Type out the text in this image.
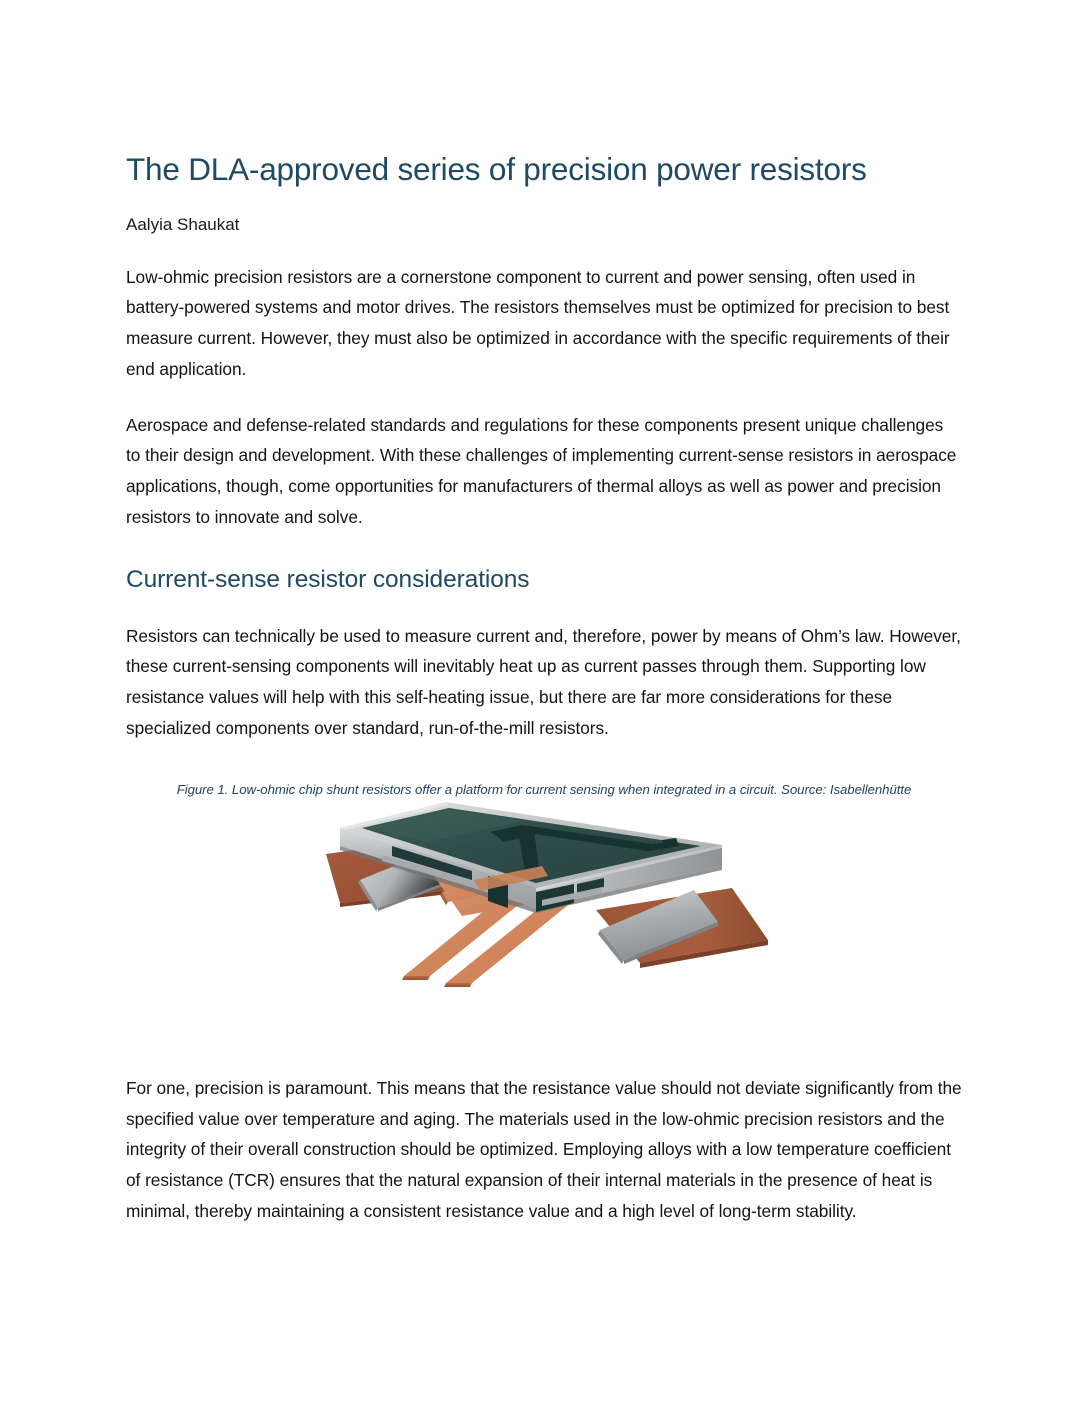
The DLA-approved series of precision power resistors
Aalyia Shaukat

Low-ohmic precision resistors are a cornerstone component to current and power sensing, often used in battery-powered systems and motor drives. The resistors themselves must be optimized for precision to best measure current. However, they must also be optimized in accordance with the specific requirements of their end application.

Aerospace and defense-related standards and regulations for these components present unique challenges to their design and development. With these challenges of implementing current-sense resistors in aerospace applications, though, come opportunities for manufacturers of thermal alloys as well as power and precision resistors to innovate and solve.

Current-sense resistor considerations

Resistors can technically be used to measure current and, therefore, power by means of Ohm’s law. However, these current-sensing components will inevitably heat up as current passes through them. Supporting low resistance values will help with this self-heating issue, but there are far more considerations for these specialized components over standard, run-of-the-mill resistors.

Figure 1. Low-ohmic chip shunt resistors offer a platform for current sensing when integrated in a circuit. Source: Isabellenhütte

For one, precision is paramount. This means that the resistance value should not deviate significantly from the specified value over temperature and aging. The materials used in the low-ohmic precision resistors and the integrity of their overall construction should be optimized. Employing alloys with a low temperature coefficient of resistance (TCR) ensures that the natural expansion of their internal materials in the presence of heat is minimal, thereby maintaining a consistent resistance value and a high level of long-term stability.
